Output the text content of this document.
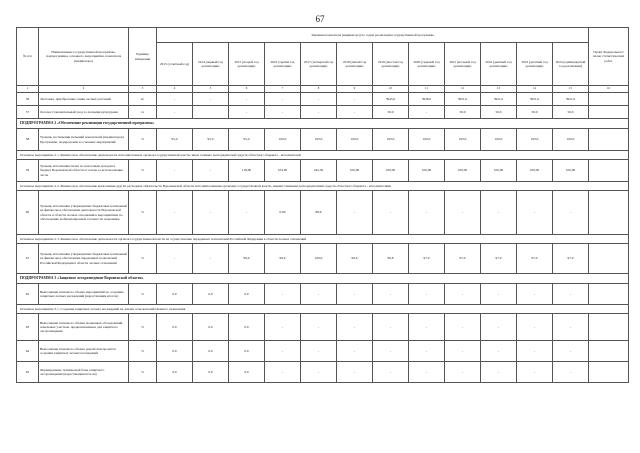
67
№ п/п	Наименование государственной программы, подпрограммы, основного мероприятия, показателя (индикатора)	Единица измерения	Значения показателя (индикатора) по годам реализации государственной программы												Пункт Федерального плана статистических работ
			2013 (отчетный год)	2014 (первый год реализации)	2015 (второй год реализации)	2016 (третий год реализации)	2017 (четвертый год реализации)	2018 (пятый год реализации)	2019 (шестой год реализации)	2020 (седьмой год реализации)	2021 (восьмой год реализации)	2022 (девятый год реализации)	2023 (десятый год реализации)	2024 (одиннадцатый год реализации)	
1	2	3	4	5	6	7	8	9	10	11	12	13	14	15	16
56	Заготовка, приобретение семян лесных растений	кг	-	-	-	-	-	-	3945,0	3936,0	3921,0	3921,0	3921,0	3921,0	
57	Лесовосстановительный уход за лесными культурами	га	-		-	-	-	-	50,0	-	50,0	50,0	50,0	50,0	
ПОДПРОГРАММА 2 «Обеспечение реализации государственной программы»															
58	Уровень достижения значений показателей (индикаторов) Программы, подпрограмм и основных мероприятий	%	95,0	95,0	95,0	100,0	100,0	100,0	100,0	100,0	100,0	100,0	100,0	100,0	
Основное мероприятие 2.1. Финансовое обеспечение деятельности исполнительных органов государственной власти, иных главных распорядителей средств областного бюджета - исполнителей															
59	Уровень исполнения плана по налоговым доходам в бюджет Воронежской области от платы за использование лесов	%	-	-	118,00	103,00	242,30	100,00	100,00	100,00	100,00	100,00	100,00	100,00	
Основное мероприятие 2.2. Финансовое обеспечение выполнения других расходных обязательств Воронежской области исполнительными органами государственной власти, иными главными распорядителями средств областного бюджета - исполнителями															
60	Уровень исполнения утвержденных бюджетных назначений на финансовое обеспечение деятельности Воронежской области в области лесных отношений в мероприятиях по обеспечению мобилизационной готовности экономики	%	-	-	-	0,00	88,6	-	-	-	-	-	-	-	
Основное мероприятие 2.3. Финансовое обеспечение деятельности органов государственной власти на осуществление переданных полномочий Российской Федерации в области лесных отношений															
61	Уровень исполнения утвержденных бюджетных назначений на финансовое обеспечение переданных полномочий Российской Федерации в области лесных отношений	%	-	-	99,9	99,9	100,0	99,6	96,8	97,0	97,0	97,0	97,0	97,0	
ПОДПРОГРАММА 3 «Защитное лесоразведение Воронежской области»															
62	Выполнение планового объема мероприятий по созданию защитных лесных насаждений (нарастающим итогом)	%	0,0	0,0	0,0	-	-	-	-	-	-	-	-	-	
Основное мероприятие 3.1. Создание защитных лесных насаждений на землях сельскохозяйственного назначения															
63	Выполнение планового объема почвенных обследований земельных участков, предназначенных для защитного лесоразведения	%	0,0	0,0	0,0	-	-	-	-	-	-	-	-	-	
64	Выполнение планового объема разработки проектов создания защитных лесных насаждений	%	0,0	0,0	0,0	-	-	-	-	-	-	-	-	-	
65	Формирование технической базы защитного лесоразведения (нарастающим итогом)	%	0,0	0,0	0,0	-	-	-	-	-	-	-	-	-	
